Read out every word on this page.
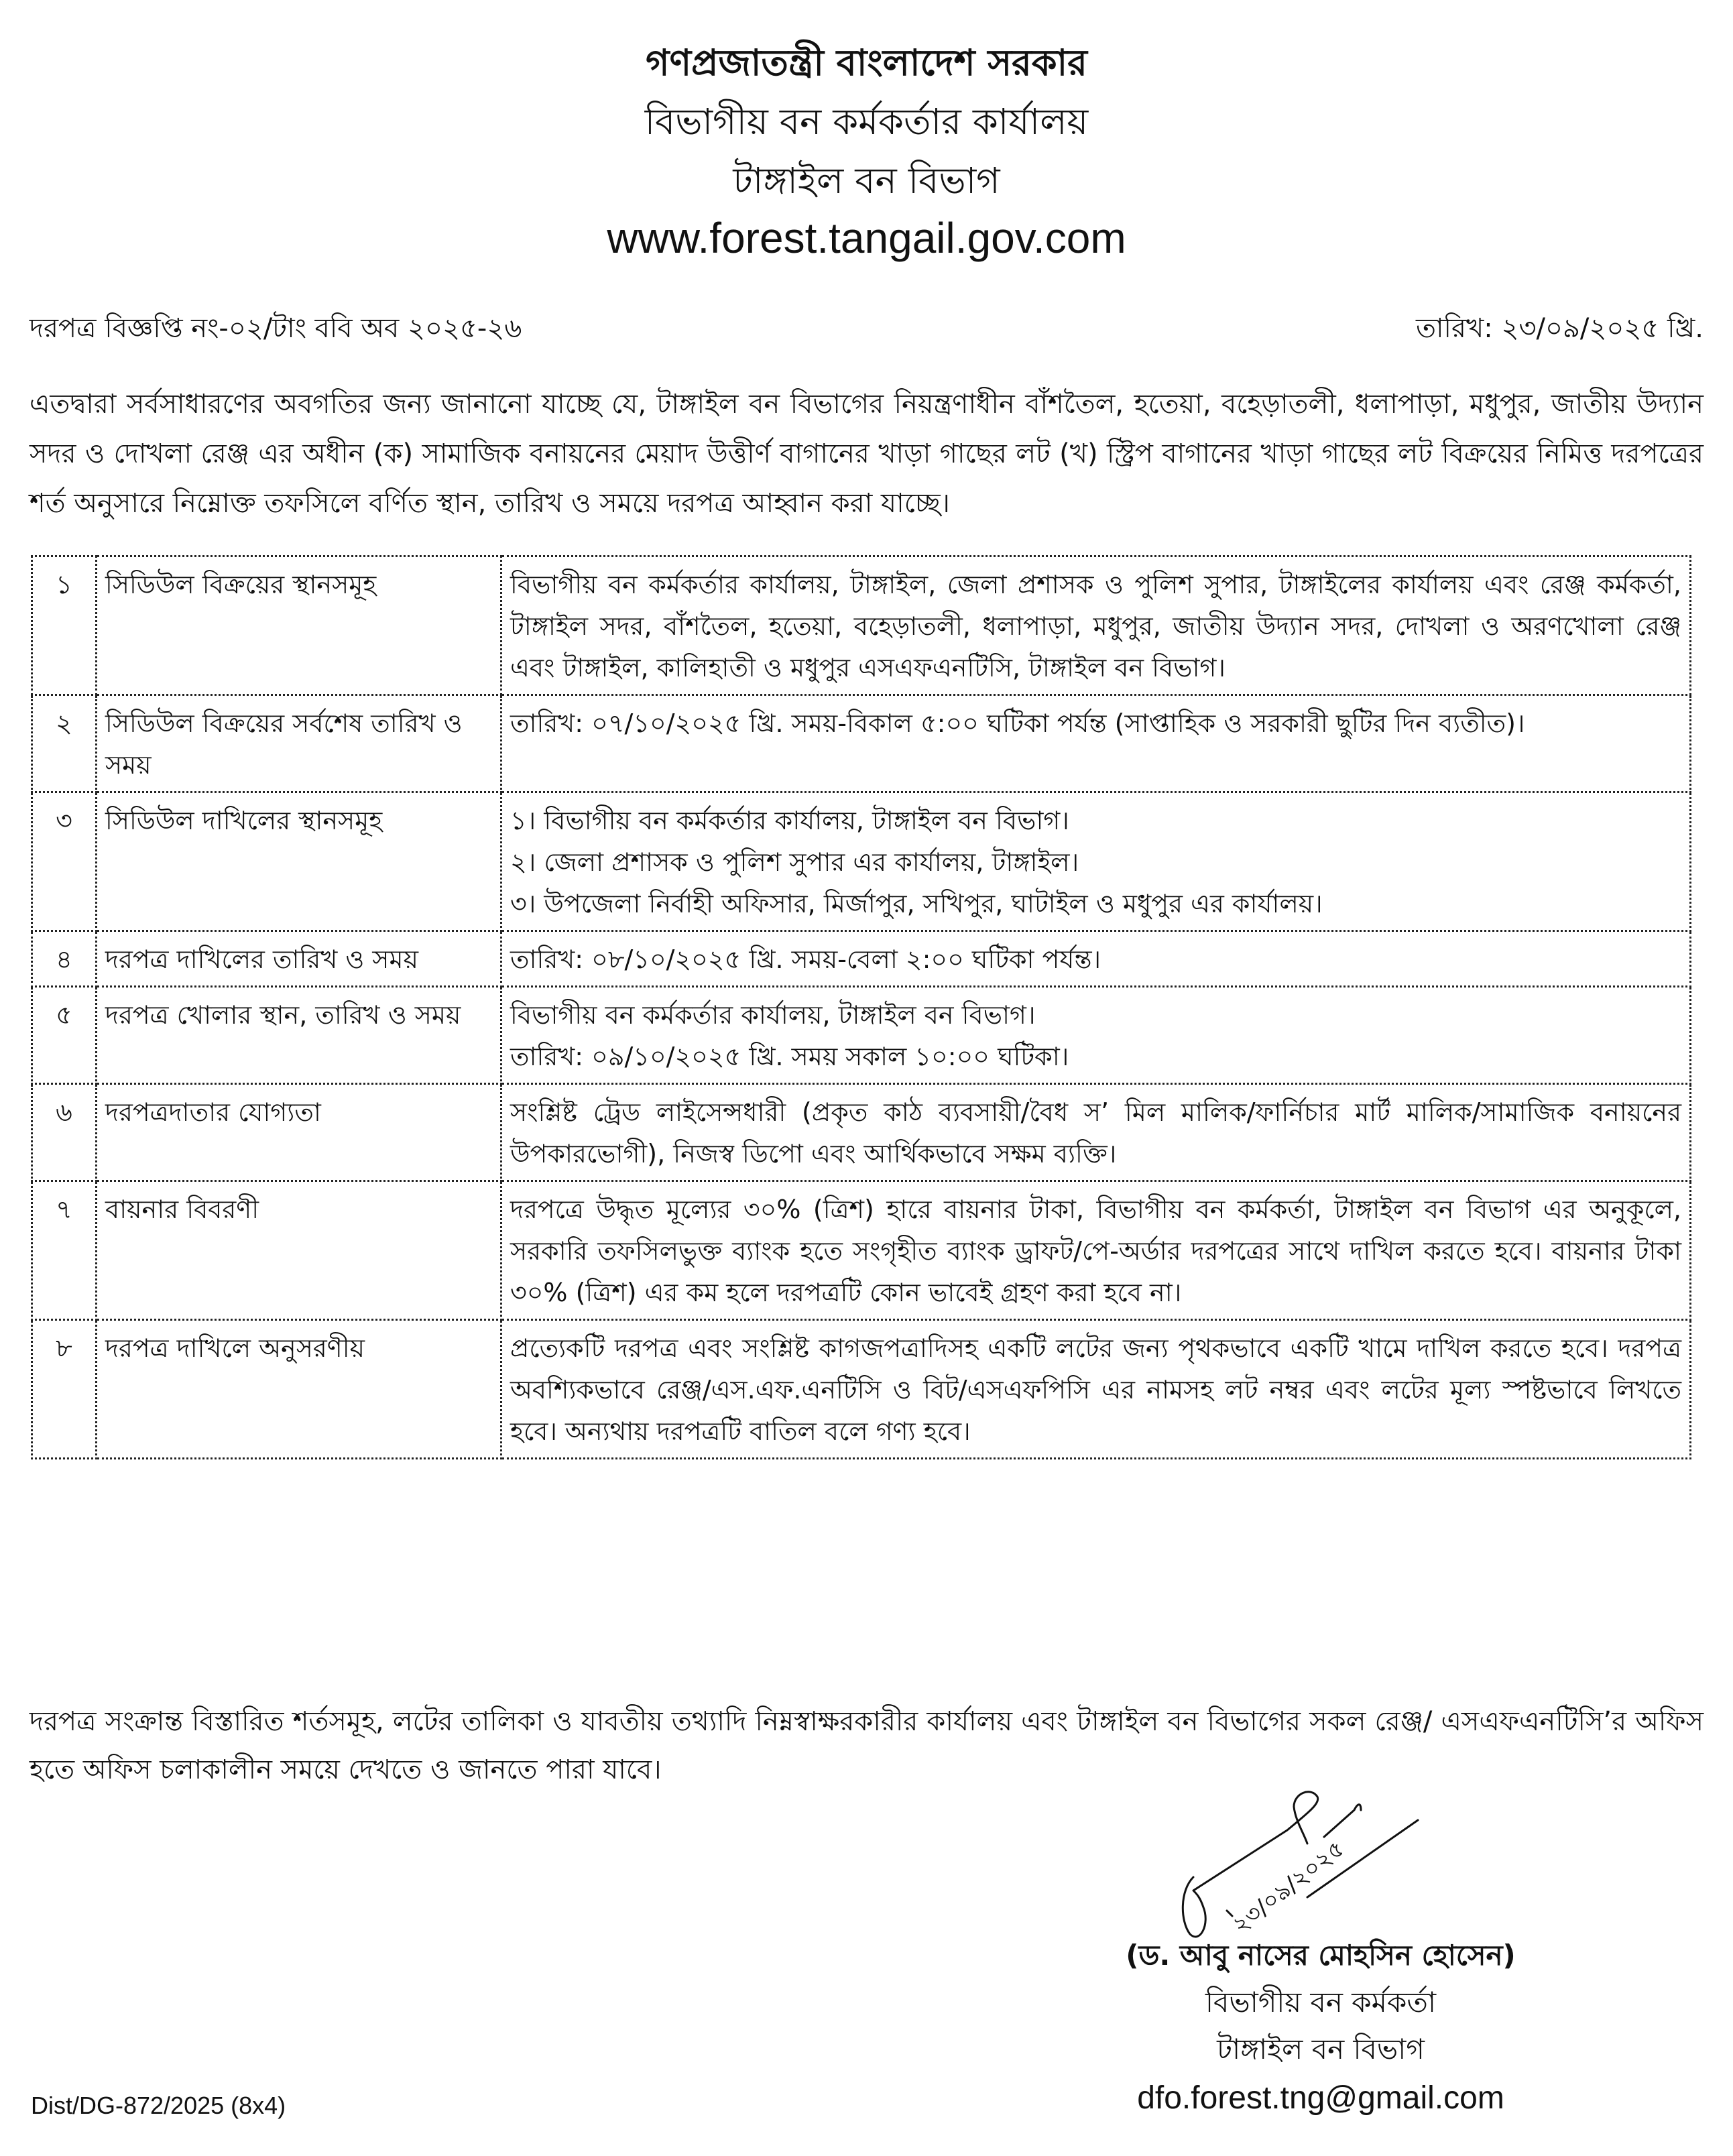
গণপ্রজাতন্ত্রী বাংলাদেশ সরকার
বিভাগীয় বন কর্মকর্তার কার্যালয়
টাঙ্গাইল বন বিভাগ
www.forest.tangail.gov.com
দরপত্র বিজ্ঞপ্তি নং-০২/টাং ববি অব ২০২৫-২৬	তারিখ: ২৩/০৯/২০২৫ খ্রি.
এতদ্বারা সর্বসাধারণের অবগতির জন্য জানানো যাচ্ছে যে, টাঙ্গাইল বন বিভাগের নিয়ন্ত্রণাধীন বাঁশতৈল, হতেয়া, বহেড়াতলী, ধলাপাড়া, মধুপুর, জাতীয় উদ্যান সদর ও দোখলা রেঞ্জ এর অধীন (ক) সামাজিক বনায়নের মেয়াদ উত্তীর্ণ বাগানের খাড়া গাছের লট (খ) স্ট্রিপ বাগানের খাড়া গাছের লট বিক্রয়ের নিমিত্ত দরপত্রের শর্ত অনুসারে নিম্নোক্ত তফসিলে বর্ণিত স্থান, তারিখ ও সময়ে দরপত্র আহ্বান করা যাচ্ছে।
১	সিডিউল বিক্রয়ের স্থানসমূহ	বিভাগীয় বন কর্মকর্তার কার্যালয়, টাঙ্গাইল, জেলা প্রশাসক ও পুলিশ সুপার, টাঙ্গাইলের কার্যালয় এবং রেঞ্জ কর্মকর্তা, টাঙ্গাইল সদর, বাঁশতৈল, হতেয়া, বহেড়াতলী, ধলাপাড়া, মধুপুর, জাতীয় উদ্যান সদর, দোখলা ও অরণখোলা রেঞ্জ এবং টাঙ্গাইল, কালিহাতী ও মধুপুর এসএফএনটিসি, টাঙ্গাইল বন বিভাগ।

২	সিডিউল বিক্রয়ের সর্বশেষ তারিখ ও সময়	তারিখ: ০৭/১০/২০২৫ খ্রি. সময়-বিকাল ৫:০০ ঘটিকা পর্যন্ত (সাপ্তাহিক ও সরকারী ছুটির দিন ব্যতীত)।

৩	সিডিউল দাখিলের স্থানসমূহ	১। বিভাগীয় বন কর্মকর্তার কার্যালয়, টাঙ্গাইল বন বিভাগ।
২। জেলা প্রশাসক ও পুলিশ সুপার এর কার্যালয়, টাঙ্গাইল।
৩। উপজেলা নির্বাহী অফিসার, মির্জাপুর, সখিপুর, ঘাটাইল ও মধুপুর এর কার্যালয়।

৪	দরপত্র দাখিলের তারিখ ও সময়	তারিখ: ০৮/১০/২০২৫ খ্রি. সময়-বেলা ২:০০ ঘটিকা পর্যন্ত।

৫	দরপত্র খোলার স্থান, তারিখ ও সময়	বিভাগীয় বন কর্মকর্তার কার্যালয়, টাঙ্গাইল বন বিভাগ।
তারিখ: ০৯/১০/২০২৫ খ্রি. সময় সকাল ১০:০০ ঘটিকা।

৬	দরপত্রদাতার যোগ্যতা	সংশ্লিষ্ট ট্রেড লাইসেন্সধারী (প্রকৃত কাঠ ব্যবসায়ী/বৈধ স’ মিল মালিক/ফার্নিচার মার্ট মালিক/সামাজিক বনায়নের উপকারভোগী), নিজস্ব ডিপো এবং আর্থিকভাবে সক্ষম ব্যক্তি।

৭	বায়নার বিবরণী	দরপত্রে উদ্ধৃত মূল্যের ৩০% (ত্রিশ) হারে বায়নার টাকা, বিভাগীয় বন কর্মকর্তা, টাঙ্গাইল বন বিভাগ এর অনুকূলে, সরকারি তফসিলভুক্ত ব্যাংক হতে সংগৃহীত ব্যাংক ড্রাফট/পে-অর্ডার দরপত্রের সাথে দাখিল করতে হবে। বায়নার টাকা ৩০% (ত্রিশ) এর কম হলে দরপত্রটি কোন ভাবেই গ্রহণ করা হবে না।

৮	দরপত্র দাখিলে অনুসরণীয়	প্রত্যেকটি দরপত্র এবং সংশ্লিষ্ট কাগজপত্রাদিসহ একটি লটের জন্য পৃথকভাবে একটি খামে দাখিল করতে হবে। দরপত্র অবশ্যিকভাবে রেঞ্জ/এস.এফ.এনটিসি ও বিট/এসএফপিসি এর নামসহ লট নম্বর এবং লটের মূল্য স্পষ্টভাবে লিখতে হবে। অন্যথায় দরপত্রটি বাতিল বলে গণ্য হবে।
দরপত্র সংক্রান্ত বিস্তারিত শর্তসমূহ, লটের তালিকা ও যাবতীয় তথ্যাদি নিম্নস্বাক্ষরকারীর কার্যালয় এবং টাঙ্গাইল বন বিভাগের সকল রেঞ্জ/ এসএফএনটিসি’র অফিস হতে অফিস চলাকালীন সময়ে দেখতে ও জানতে পারা যাবে।
২৩/০৯/২০২৫
(ড. আবু নাসের মোহসিন হোসেন)
বিভাগীয় বন কর্মকর্তা
টাঙ্গাইল বন বিভাগ
dfo.forest.tng@gmail.com
Dist/DG-872/2025 (8x4)
